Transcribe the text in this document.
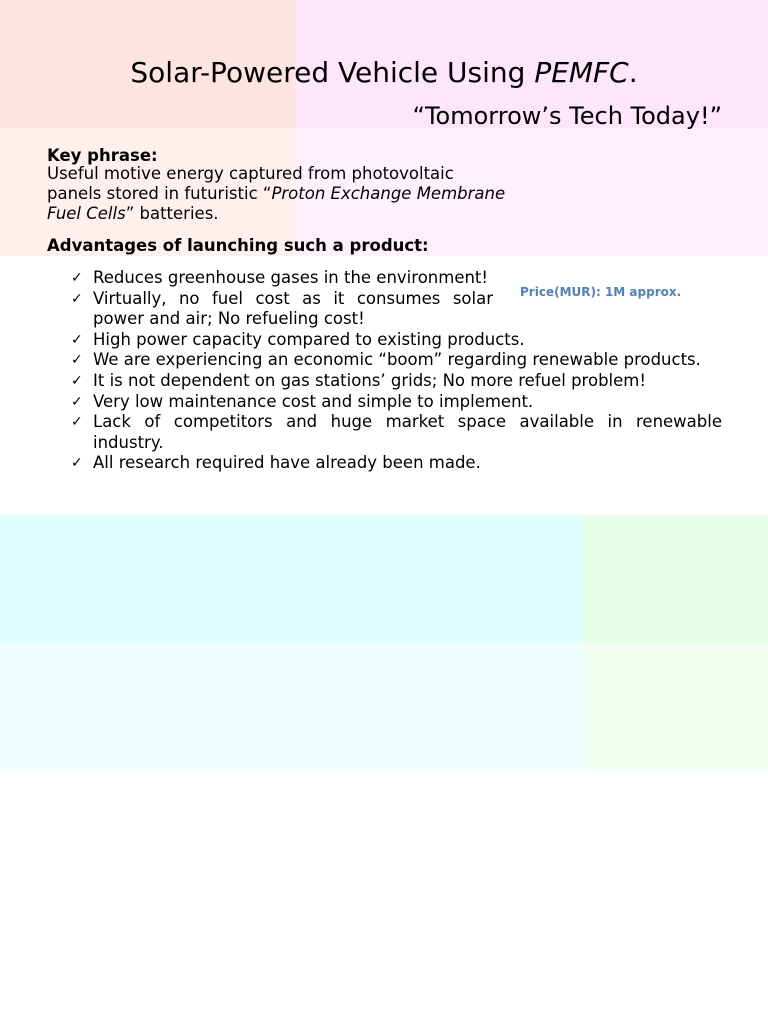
Solar-Powered Vehicle Using PEMFC.
“Tomorrow’s Tech Today!”
Key phrase:
Useful motive energy captured from photovoltaic panels stored in futuristic “Proton Exchange Membrane Fuel Cells” batteries.
Advantages of launching such a product:
Price(MUR): 1M approx.
✓ Reduces greenhouse gases in the environment!
✓ Virtually, no fuel cost as it consumes solar power and air; No refueling cost!
✓ High power capacity compared to existing products.
✓ We are experiencing an economic “boom” regarding renewable products.
✓ It is not dependent on gas stations’ grids; No more refuel problem!
✓ Very low maintenance cost and simple to implement.
✓ Lack of competitors and huge market space available in renewable industry.
✓ All research required have already been made.
